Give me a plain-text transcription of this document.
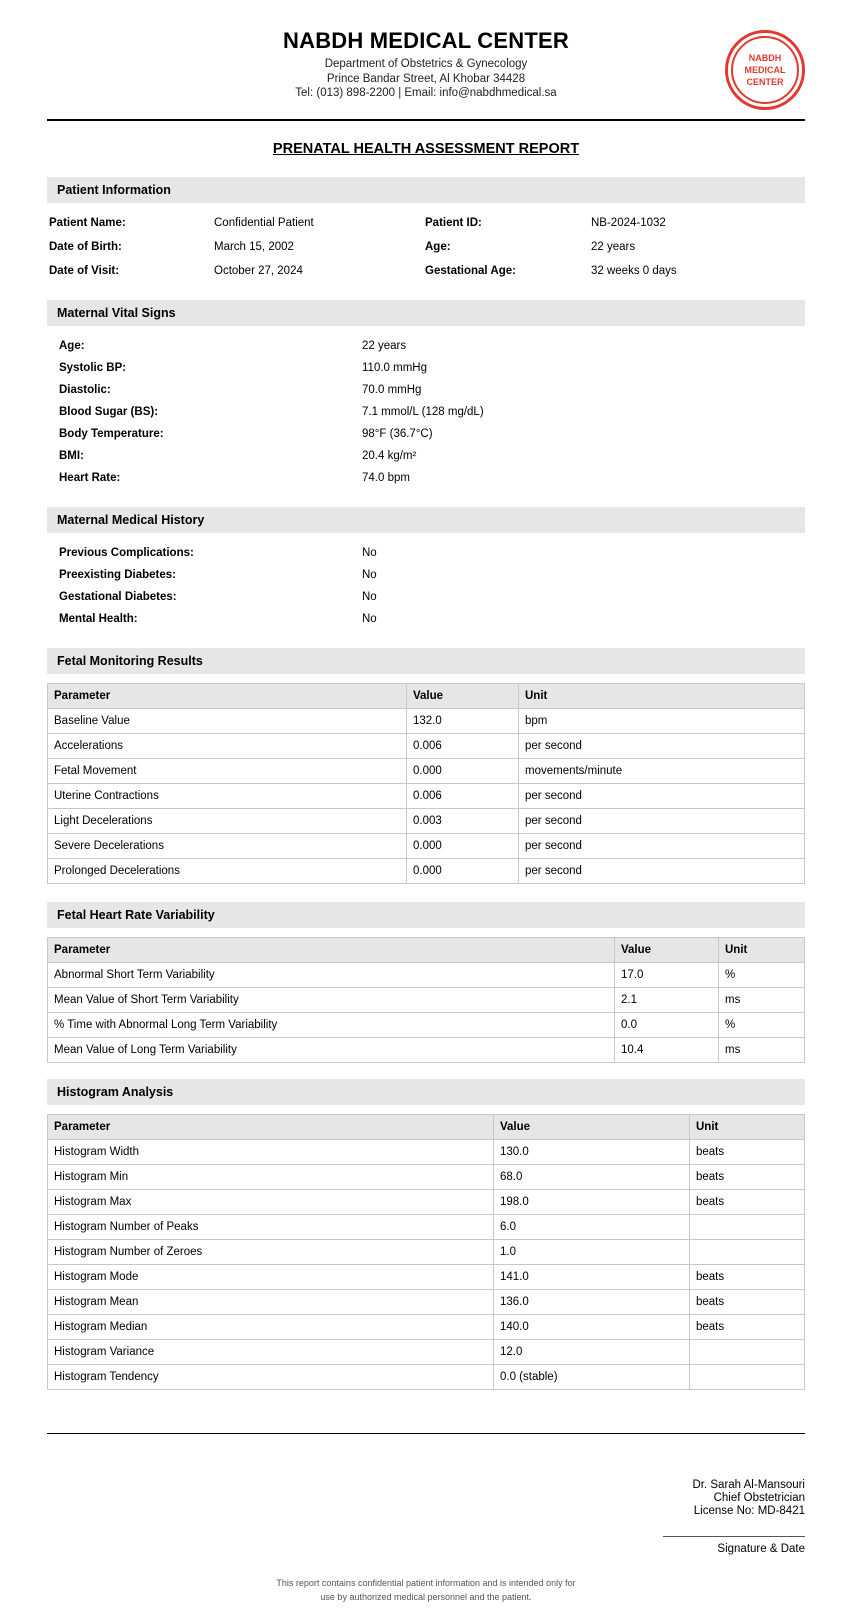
NABDH MEDICAL CENTER
Department of Obstetrics & Gynecology
Prince Bandar Street, Al Khobar 34428
Tel: (013) 898-2200 | Email: info@nabdhmedical.sa
NABDH
MEDICAL
CENTER
PRENATAL HEALTH ASSESSMENT REPORT
Patient Information
Patient Name:	Confidential Patient	Patient ID:	NB-2024-1032
Date of Birth:	March 15, 2002	Age:	22 years
Date of Visit:	October 27, 2024	Gestational Age:	32 weeks 0 days
Maternal Vital Signs
Age:	22 years
Systolic BP:	110.0 mmHg
Diastolic:	70.0 mmHg
Blood Sugar (BS):	7.1 mmol/L (128 mg/dL)
Body Temperature:	98°F (36.7°C)
BMI:	20.4 kg/m²
Heart Rate:	74.0 bpm
Maternal Medical History
Previous Complications:	No
Preexisting Diabetes:	No
Gestational Diabetes:	No
Mental Health:	No
Fetal Monitoring Results
Parameter	Value	Unit
Baseline Value	132.0	bpm
Accelerations	0.006	per second
Fetal Movement	0.000	movements/minute
Uterine Contractions	0.006	per second
Light Decelerations	0.003	per second
Severe Decelerations	0.000	per second
Prolonged Decelerations	0.000	per second
Fetal Heart Rate Variability
Parameter	Value	Unit
Abnormal Short Term Variability	17.0	%
Mean Value of Short Term Variability	2.1	ms
% Time with Abnormal Long Term Variability	0.0	%
Mean Value of Long Term Variability	10.4	ms
Histogram Analysis
Parameter	Value	Unit
Histogram Width	130.0	beats
Histogram Min	68.0	beats
Histogram Max	198.0	beats
Histogram Number of Peaks	6.0	
Histogram Number of Zeroes	1.0	
Histogram Mode	141.0	beats
Histogram Mean	136.0	beats
Histogram Median	140.0	beats
Histogram Variance	12.0	
Histogram Tendency	0.0 (stable)	
Dr. Sarah Al-Mansouri
Chief Obstetrician
License No: MD-8421
Signature & Date
This report contains confidential patient information and is intended only for
use by authorized medical personnel and the patient.
